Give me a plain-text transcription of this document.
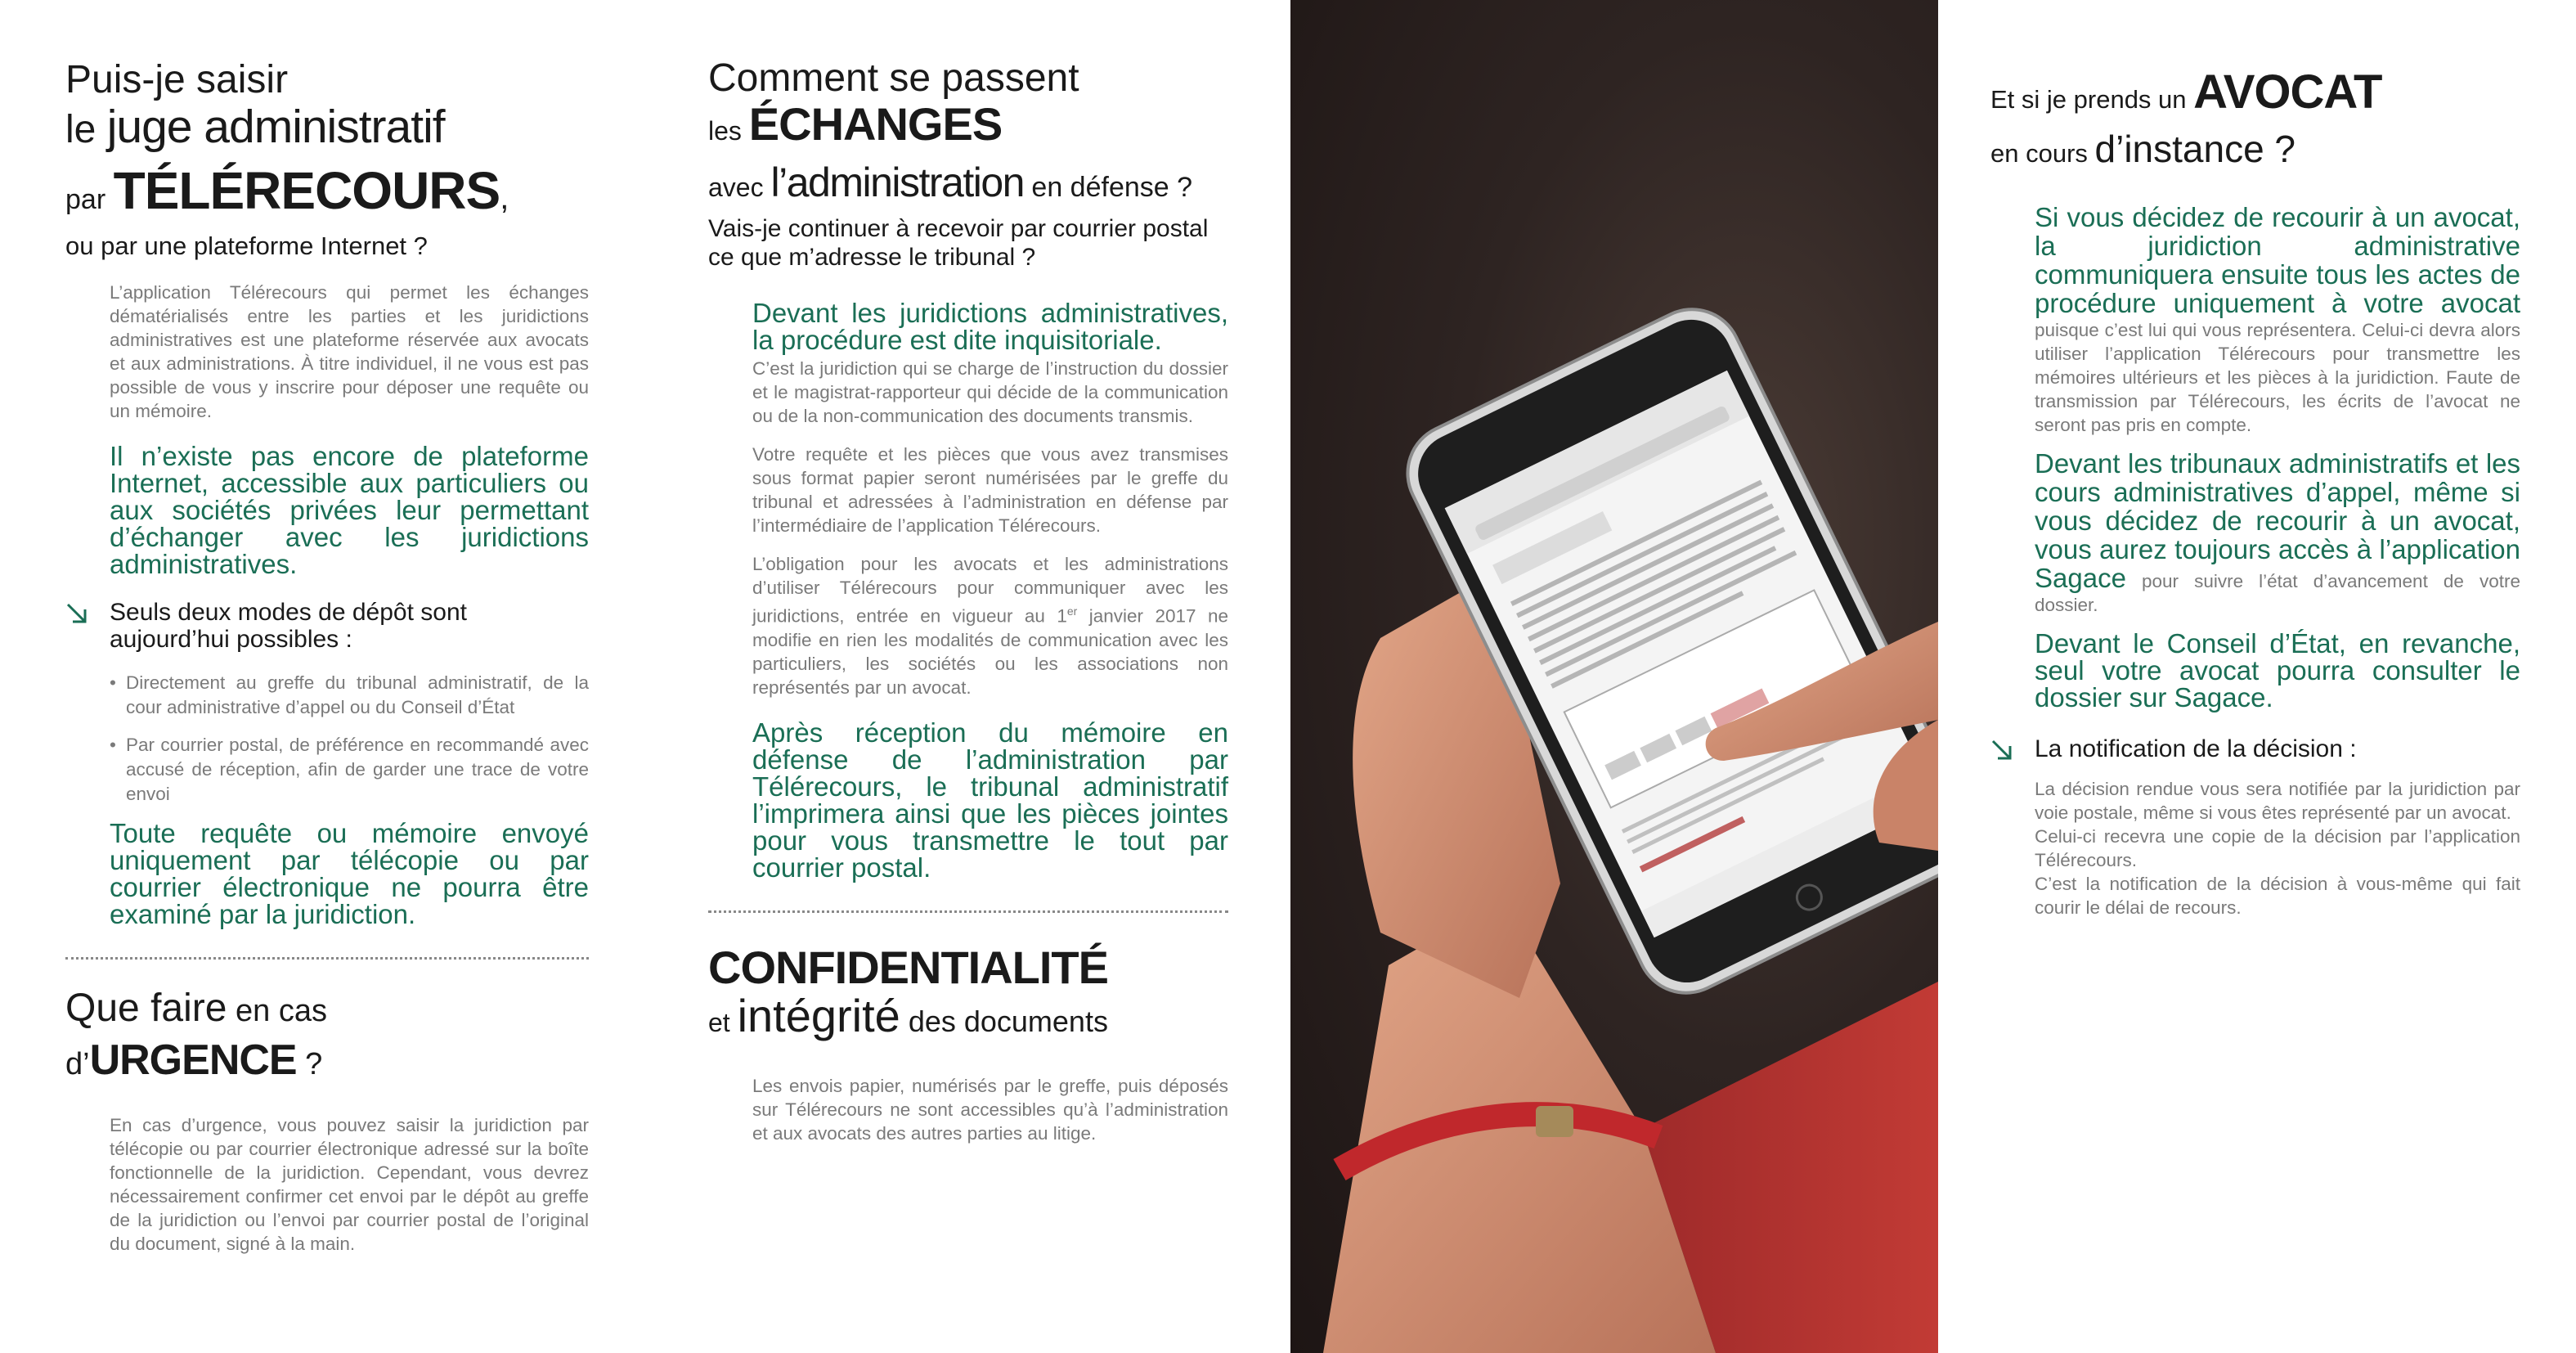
Puis-je saisir
le juge administratif
par TÉLÉRECOURS,
ou par une plateforme Internet ?

L’application Télérecours qui permet les échanges dématérialisés entre les parties et les juridictions administratives est une plateforme réservée aux avocats et aux administrations. À titre individuel, il ne vous est pas possible de vous y inscrire pour déposer une requête ou un mémoire.

Il n’existe pas encore de plateforme Internet, accessible aux particuliers ou aux sociétés privées leur permettant d’échanger avec les juridictions administratives.

Seuls deux modes de dépôt sont aujourd’hui possibles :
• Directement au greffe du tribunal administratif, de la cour administrative d’appel ou du Conseil d’État
• Par courrier postal, de préférence en recommandé avec accusé de réception, afin de garder une trace de votre envoi

Toute requête ou mémoire envoyé uniquement par télécopie ou par courrier électronique ne pourra être examiné par la juridiction.

Que faire en cas
d’URGENCE ?

En cas d’urgence, vous pouvez saisir la juridiction par télécopie ou par courrier électronique adressé sur la boîte fonctionnelle de la juridiction. Cependant, vous devrez nécessairement confirmer cet envoi par le dépôt au greffe de la juridiction ou l’envoi par courrier postal de l’original du document, signé à la main.

Comment se passent
les ÉCHANGES
avec l’administration en défense ?
Vais-je continuer à recevoir par courrier postal ce que m’adresse le tribunal ?

Devant les juridictions administratives, la procédure est dite inquisitoriale.

C’est la juridiction qui se charge de l’instruction du dossier et le magistrat-rapporteur qui décide de la communication ou de la non-communication des documents transmis.

Votre requête et les pièces que vous avez transmises sous format papier seront numérisées par le greffe du tribunal et adressées à l’administration en défense par l’intermédiaire de l’application Télérecours.

L’obligation pour les avocats et les administrations d’utiliser Télérecours pour communiquer avec les juridictions, entrée en vigueur au 1er janvier 2017 ne modifie en rien les modalités de communication avec les particuliers, les sociétés ou les associations non représentés par un avocat.

Après réception du mémoire en défense de l’administration par Télérecours, le tribunal administratif l’imprimera ainsi que les pièces jointes pour vous transmettre le tout par courrier postal.

CONFIDENTIALITÉ
et intégrité des documents

Les envois papier, numérisés par le greffe, puis déposés sur Télérecours ne sont accessibles qu’à l’administration et aux avocats des autres parties au litige.

Et si je prends un AVOCAT
en cours d’instance ?

Si vous décidez de recourir à un avocat, la juridiction administrative communiquera ensuite tous les actes de procédure uniquement à votre avocat puisque c’est lui qui vous représentera. Celui-ci devra alors utiliser l’application Télérecours pour transmettre les mémoires ultérieurs et les pièces à la juridiction. Faute de transmission par Télérecours, les écrits de l’avocat ne seront pas pris en compte.

Devant les tribunaux administratifs et les cours administratives d’appel, même si vous décidez de recourir à un avocat, vous aurez toujours accès à l’application Sagace pour suivre l’état d’avancement de votre dossier.

Devant le Conseil d’État, en revanche, seul votre avocat pourra consulter le dossier sur Sagace.

La notification de la décision :
La décision rendue vous sera notifiée par la juridiction par voie postale, même si vous êtes représenté par un avocat.
Celui-ci recevra une copie de la décision par l’application Télérecours.
C’est la notification de la décision à vous-même qui fait courir le délai de recours.
